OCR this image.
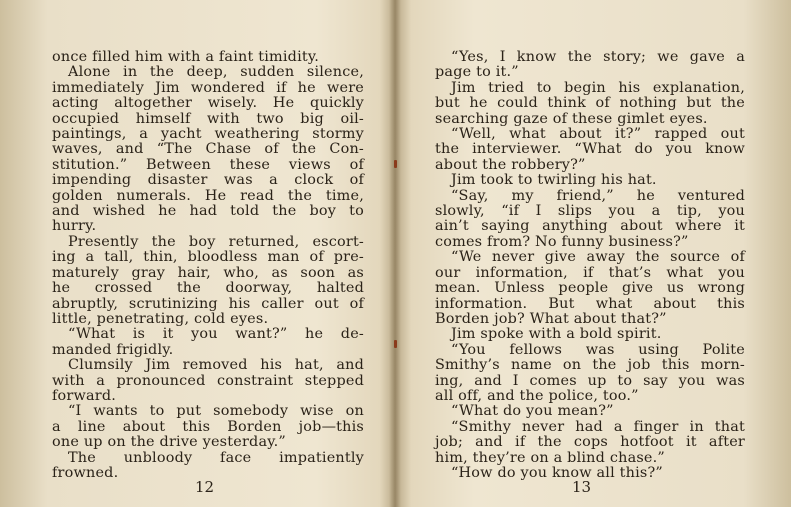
once filled him with a faint timidity.
Alone in the deep, sudden silence,
immediately Jim wondered if he were
acting altogether wisely. He quickly
occupied himself with two big oil-
paintings, a yacht weathering stormy
waves, and “The Chase of the Con-
stitution.” Between these views of
impending disaster was a clock of
golden numerals. He read the time,
and wished he had told the boy to
hurry.
Presently the boy returned, escort-
ing a tall, thin, bloodless man of pre-
maturely gray hair, who, as soon as
he crossed the doorway, halted
abruptly, scrutinizing his caller out of
little, penetrating, cold eyes.
“What is it you want?” he de-
manded frigidly.
Clumsily Jim removed his hat, and
with a pronounced constraint stepped
forward.
“I wants to put somebody wise on
a line about this Borden job—this
one up on the drive yesterday.”
The unbloody face impatiently
frowned.
12
“Yes, I know the story; we gave a
page to it.”
Jim tried to begin his explanation,
but he could think of nothing but the
searching gaze of these gimlet eyes.
“Well, what about it?” rapped out
the interviewer. “What do you know
about the robbery?”
Jim took to twirling his hat.
“Say, my friend,” he ventured
slowly, “if I slips you a tip, you
ain’t saying anything about where it
comes from? No funny business?”
“We never give away the source of
our information, if that’s what you
mean. Unless people give us wrong
information. But what about this
Borden job? What about that?”
Jim spoke with a bold spirit.
“You fellows was using Polite
Smithy’s name on the job this morn-
ing, and I comes up to say you was
all off, and the police, too.”
“What do you mean?”
“Smithy never had a finger in that
job; and if the cops hotfoot it after
him, they’re on a blind chase.”
“How do you know all this?”
13
